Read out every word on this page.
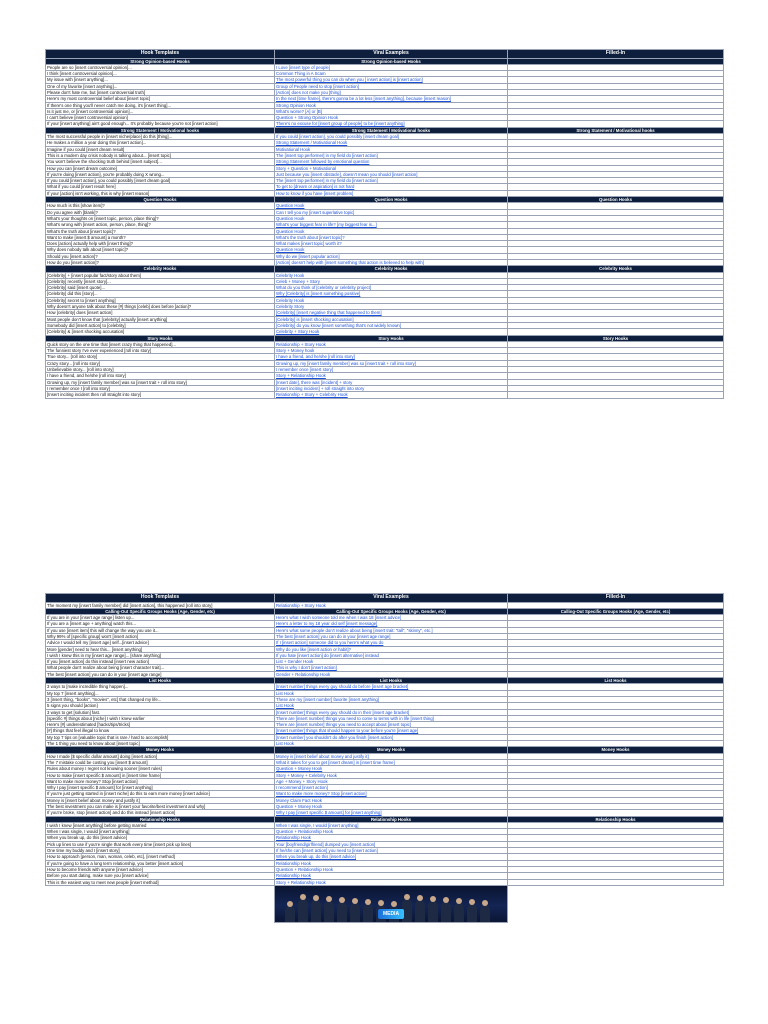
Hook Templates	Viral Examples	Filled-In
Strong Opinion-based Hooks	Strong Opinion-based Hooks	
People are so [insert controversial opinion]...	I Love [insert type of people]	
I think [insert controversial opinion]...	Common Thing in A Scam	
My issue with [insert anything]...	The most powerful thing you can do when you [ insert action] is [insert action]	
One of my favorite [insert anything]...	Group of People need to stop [insert action]	
Please don't hate me, but [insert controversial truth]	[Action] does not make you [thing]	
Here's my most controversial belief about [insert topic]	In the next [time frame], there's gonna be a lot less [insert anything], because [insert reason]	
If there's one thing you'll never catch me doing, it's [insert thing]...	Strong Opinion Hook	
Is it just me, or [insert controversial opinion]...	What's worse? [A] or [B]	
I can't believe [insert controversial opinion]	Question + Strong Opinion Hook	
If your [insert anything] ain't good enough... It's probably because you're not [insert action]	There's no excuse for [insert group of people] to be [insert anything]	
Strong Statement / Motivational hooks	Strong Statement / Motivational hooks	Strong Statement / Motivational hooks
The most successful people in [insert niche/place] do this [thing]...	If you could [insert action], you could possibly [insert dream goal]	
He makes a million a year doing this [insert action]...	Strong Statement / Motivational Hook	
Imagine if you could [insert dream result]	Motivational Hook	
This is a modern day crisis nobody is talking about... [insert topic]	The [insert top performer] in my field do [insert action]	
You won't believe the shocking truth behind [insert subject]...	Strong Statement followed by emotional question	
How you can [insert dream outcome]	Story + Question + Motivational	
If you're doing [insert action], you're probably doing X wrong...	Just because you [insert obstacle], doesn't mean you should [insert action]	
If you could [insert action], you could possibly [insert dream goal]	The [insert top performer] in my field do [insert action]	
What if you could [insert result here]	To get to [dream or aspiration] is not hard	
If your [action] isn't working, this is why [insert reason]	How to know if you have [insert problem]	
Question Hooks	Question Hooks	Question Hooks
How much is this [show item]?	Question Hook	
Do you agree with [blank]?	Can I tell you my [insert superlative topic]	
What's your thoughts on [insert topic, person, place thing]?	Question Hook	
What's wrong with [insert action, person, place, thing]?	What's your biggest fear in life? [my biggest fear is...]	
What's the truth about [insert topic]?	Question Hook	
Want to make [insert $ amount] a month?	What's the truth about [insert topic]?	
Does [action] actually help with [insert thing]?	What makes [insert topic] worth it?	
Why does nobody talk about [insert topic]?	Question Hook	
Should you [insert action]?	Why do we [insert popular action]	
How do you [insert action]?	[Action] doesn't help with [insert something that action is believed to help with]	
Celebrity Hooks	Celebrity Hooks	Celebrity Hooks
[Celebrity] + [insert popular fact/story about them]	Celebrity Hook	
[Celebrity] recently [insert story]...	Celeb + Money + Story	
[Celebrity] said [insert quote]...	What do you think of [celebrity or celebrity project]	
[Celebrity] did this [story]...	Why [Celebrity] is [insert something positive]	
[Celebrity] secret to [insert anything]	Celebrity Hook	
Why doesn't anyone talk about these [#] things [celeb] does before [action]?	Celebrity Story	
How [celebrity] does [insert action]	[Celebrity] [insert negative thing that happened to them]	
Most people don't know that [celebrity] actually [insert anything]	[Celebrity] is [insert shocking accusation]	
Somebody did [insert action] to [celebrity]	[Celebrity] do you know [insert something that's not widely known]	
[Celebrity] & [insert shocking accusation]	Celebrity + Story Hook	
Story Hooks	Story Hooks	Story Hooks
Quick story on the one time that [insert crazy thing that happened]...	Relationship + Story Hook	
The funniest story I've ever experienced [roll into story]	Story + Money hook	
True story... [roll into story]	I have a friend, and he/she [roll into story]	
Crazy story... [roll into story]	Growing up, my [insert family member] was so [insert trait + roll into story]	
Unbelievable story... [roll into story]	I remember once [insert story]	
I have a friend, and he/she [roll into story]	Story + Relationship Hook	
Growing up, my [insert family member] was so [insert trait + roll into story]	[Insert date], there was [incident] + story	
I remember once I [roll into story]	[Insert inciting incident] + roll straight into story	
[Insert inciting incident then roll straight into story]	Relationship + Story + Celebrity Hook	
Hook Templates	Viral Examples	Filled-In
The moment my [insert family member] did [insert action], this happened [roll into story]	Relationship + Story Hook	
Calling-Out Specific Groups Hooks (Age, Gender, etc)	Calling-Out Specific Groups Hooks (Age, Gender, etc)	Calling-Out Specific Groups Hooks (Age, Gender, etc)
If you are in your [insert age range] listen up...	Here's what I wish someone told me when I was 18 [insert advice]	
If you are a [insert age + anything] watch this...	Here's a letter to my 18 year old self [insert message]	
If you use [insert item] this will change the way you use it...	Here's what some people don't realize about being [insert trait: "tall", "skinny", etc.]	
Why 99% of [specific group] won't [insert action]	The best [insert action] you can do in your [insert age range]	
Advice I would tell my [insert age] self...[insert advice]	If I [insert action] someone did to you here's what you do	
More [gender] need to hear this... [insert anything]	Why do you like [insert action or habit]?	
I wish I knew this in my [insert age range]... [share anything]	If you hate [insert action] do [insert alternative] instead	
If you [insert action] do this instead [insert new action]	List + Gender Hook	
What people don't realize about being [insert character trait]...	This is why I don't [insert action]	
The best [insert action] you can do in your [insert age range]	Gender + Relationship Hook	
List Hooks	List Hooks	List Hooks
3 ways to [make incredible thing happen]...	[Insert number] things every guy should do before [insert age bracket]	
My top 7 [insert anything]...	List Hook	
3 [insert thing, "books", "movies", etc] that changed my life...	These are my [insert number] favorite [insert anything]	
5 signs you should [action]	List Hook	
3 ways to get [solution] fast.	[Insert number] things every guy should do in their [insert age bracket]	
[specific #] things about [niche] I wish I knew earlier	There are [insert number] things you need to come to terms with in life [insert thing]	
Here's [#] underestimated [hacks/tips/tricks]	There are [insert number] things you need to accept about [insert topic]	
[#] things that feel illegal to know	[Insert number] things that should happen to your before you're [insert age]	
My top 7 tips on [valuable topic that is rare / hard to accomplish]	[Insert number] you shouldn't do after you finish [insert action]	
The 1 thing you need to know about [insert topic]	List Hook	
Money Hooks	Money Hooks	Money Hooks
How I made [$ specific dollar amount] doing [insert action]	Money is [insert belief about money and justify it]	
The 7 mistake could be costing you [insert $ amount]	What it takes for you to get [insert dream] in [insert time frame]	
Rules about money I regret not knowing sooner [insert rules]	Question + Money Hook	
How to make [insert specific $ amount] in [insert time frame]	Story + Money + Celebrity Hook	
Want to make more money? Stop [insert action]	Age + Money + Story Hook	
Why I pay [insert specific $ amount] for [insert anything]	I recommend [insert action]	
If you're just getting started in [insert niche] do this to earn more money [insert advice]	Want to make more money? Stop [insert action]	
Money is [insert belief about money and justify it]	Money Claim Fact Hook	
The best investment you can make is [insert your favorite/best investment and why]	Question + Money Hook	
If you're broke, stop [insert action] and do this instead [insert action]	Why I pay [insert specific $ amount] for [insert anything]	
Relationship Hooks	Relationship Hooks	Relationship Hooks
I wish I knew [insert anything] before getting married	When I was single, I would [insert anything]	
When I was single, I would [insert anything]	Question + Relationship Hook	
When you break up, do this [insert advice]	Relationship Hook	
Pick up lines to use if you're single that work every time [insert pick up lines]	Your [boyfriend/girlfriend] dumped you [insert action]	
One time my buddy and I [insert story]	If he/she can [insert action] you need to [insert action]	
How to approach [person, man, woman, celeb, etc], [insert method]	When you break up, do this [insert advice]	
If you're going to have a long term relationship, you better [insert action]	Relationship Hook	
How to become friends with anyone [insert advice]	Question + Relationship Hook	
Before you start dating, make sure you [insert advice]	Relationship Hook	
This is the easiest way to meet new people [insert method]	Story + Relationship Hook	

	MEDIA	
